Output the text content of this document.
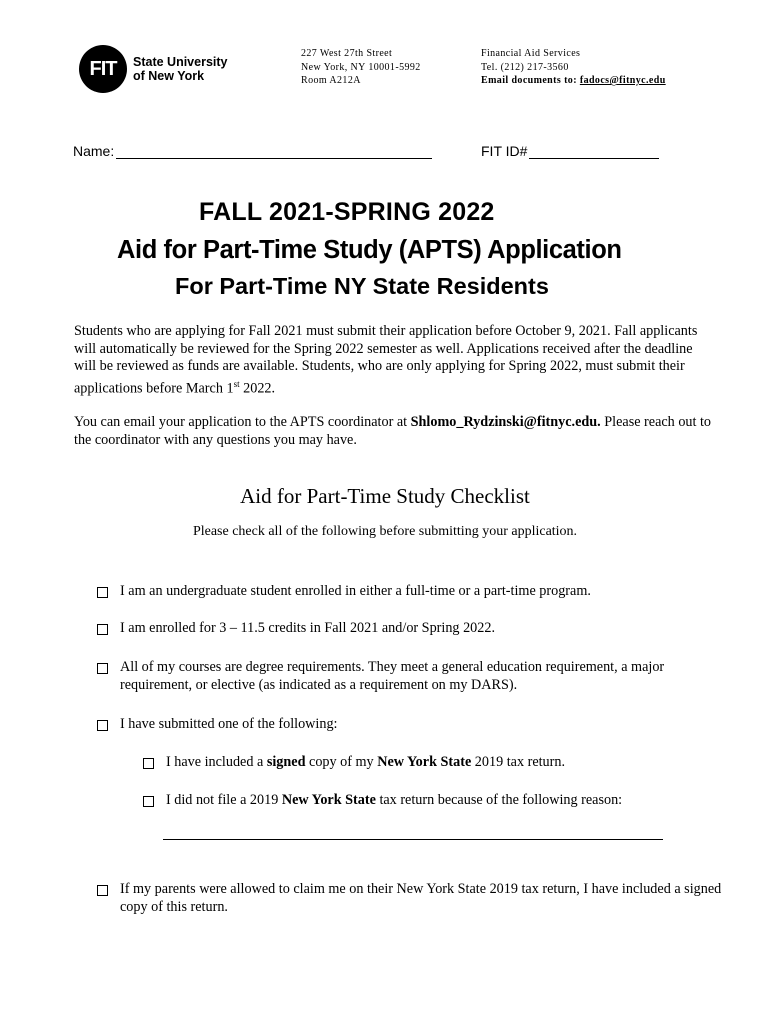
FIT	State University
of New York
227 West 27th Street
New York, NY 10001-5992
Room A212A
Financial Aid Services
Tel. (212) 217-3560
Email documents to: fadocs@fitnyc.edu
Name:	FIT ID#
FALL 2021-SPRING 2022
Aid for Part-Time Study (APTS) Application
For Part-Time NY State Residents
Students who are applying for Fall 2021 must submit their application before October 9, 2021. Fall applicants will automatically be reviewed for the Spring 2022 semester as well. Applications received after the deadline will be reviewed as funds are available. Students, who are only applying for Spring 2022, must submit their applications before March 1st 2022.
You can email your application to the APTS coordinator at Shlomo_Rydzinski@fitnyc.edu. Please reach out to the coordinator with any questions you may have.
Aid for Part-Time Study Checklist
Please check all of the following before submitting your application.
I am an undergraduate student enrolled in either a full-time or a part-time program.
I am enrolled for 3 – 11.5 credits in Fall 2021 and/or Spring 2022.
All of my courses are degree requirements. They meet a general education requirement, a major requirement, or elective (as indicated as a requirement on my DARS).
I have submitted one of the following:
I have included a signed copy of my New York State 2019 tax return.
I did not file a 2019 New York State tax return because of the following reason:
If my parents were allowed to claim me on their New York State 2019 tax return, I have included a signed copy of this return.
